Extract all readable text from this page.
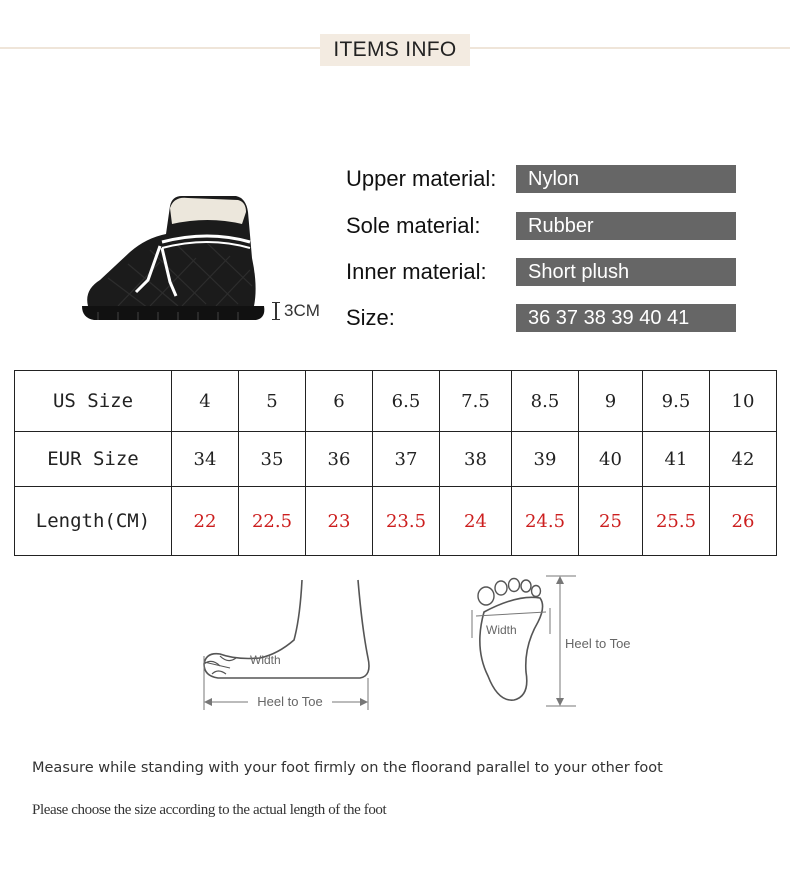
ITEMS INFO
3CM
Upper material:	Nylon
Sole material:	Rubber
Inner material:	Short plush
Size:	36 37 38 39 40 41
US Size	4	5	6	6.5	7.5	8.5	9	9.5	10
EUR Size	34	35	36	37	38	39	40	41	42
Length(CM)	22	22.5	23	23.5	24	24.5	25	25.5	26
Heel to Toe
Width
Width
Heel to Toe
Measure while standing with your foot firmly on the floorand parallel to your other foot
Please choose the size according to the actual length of the foot
